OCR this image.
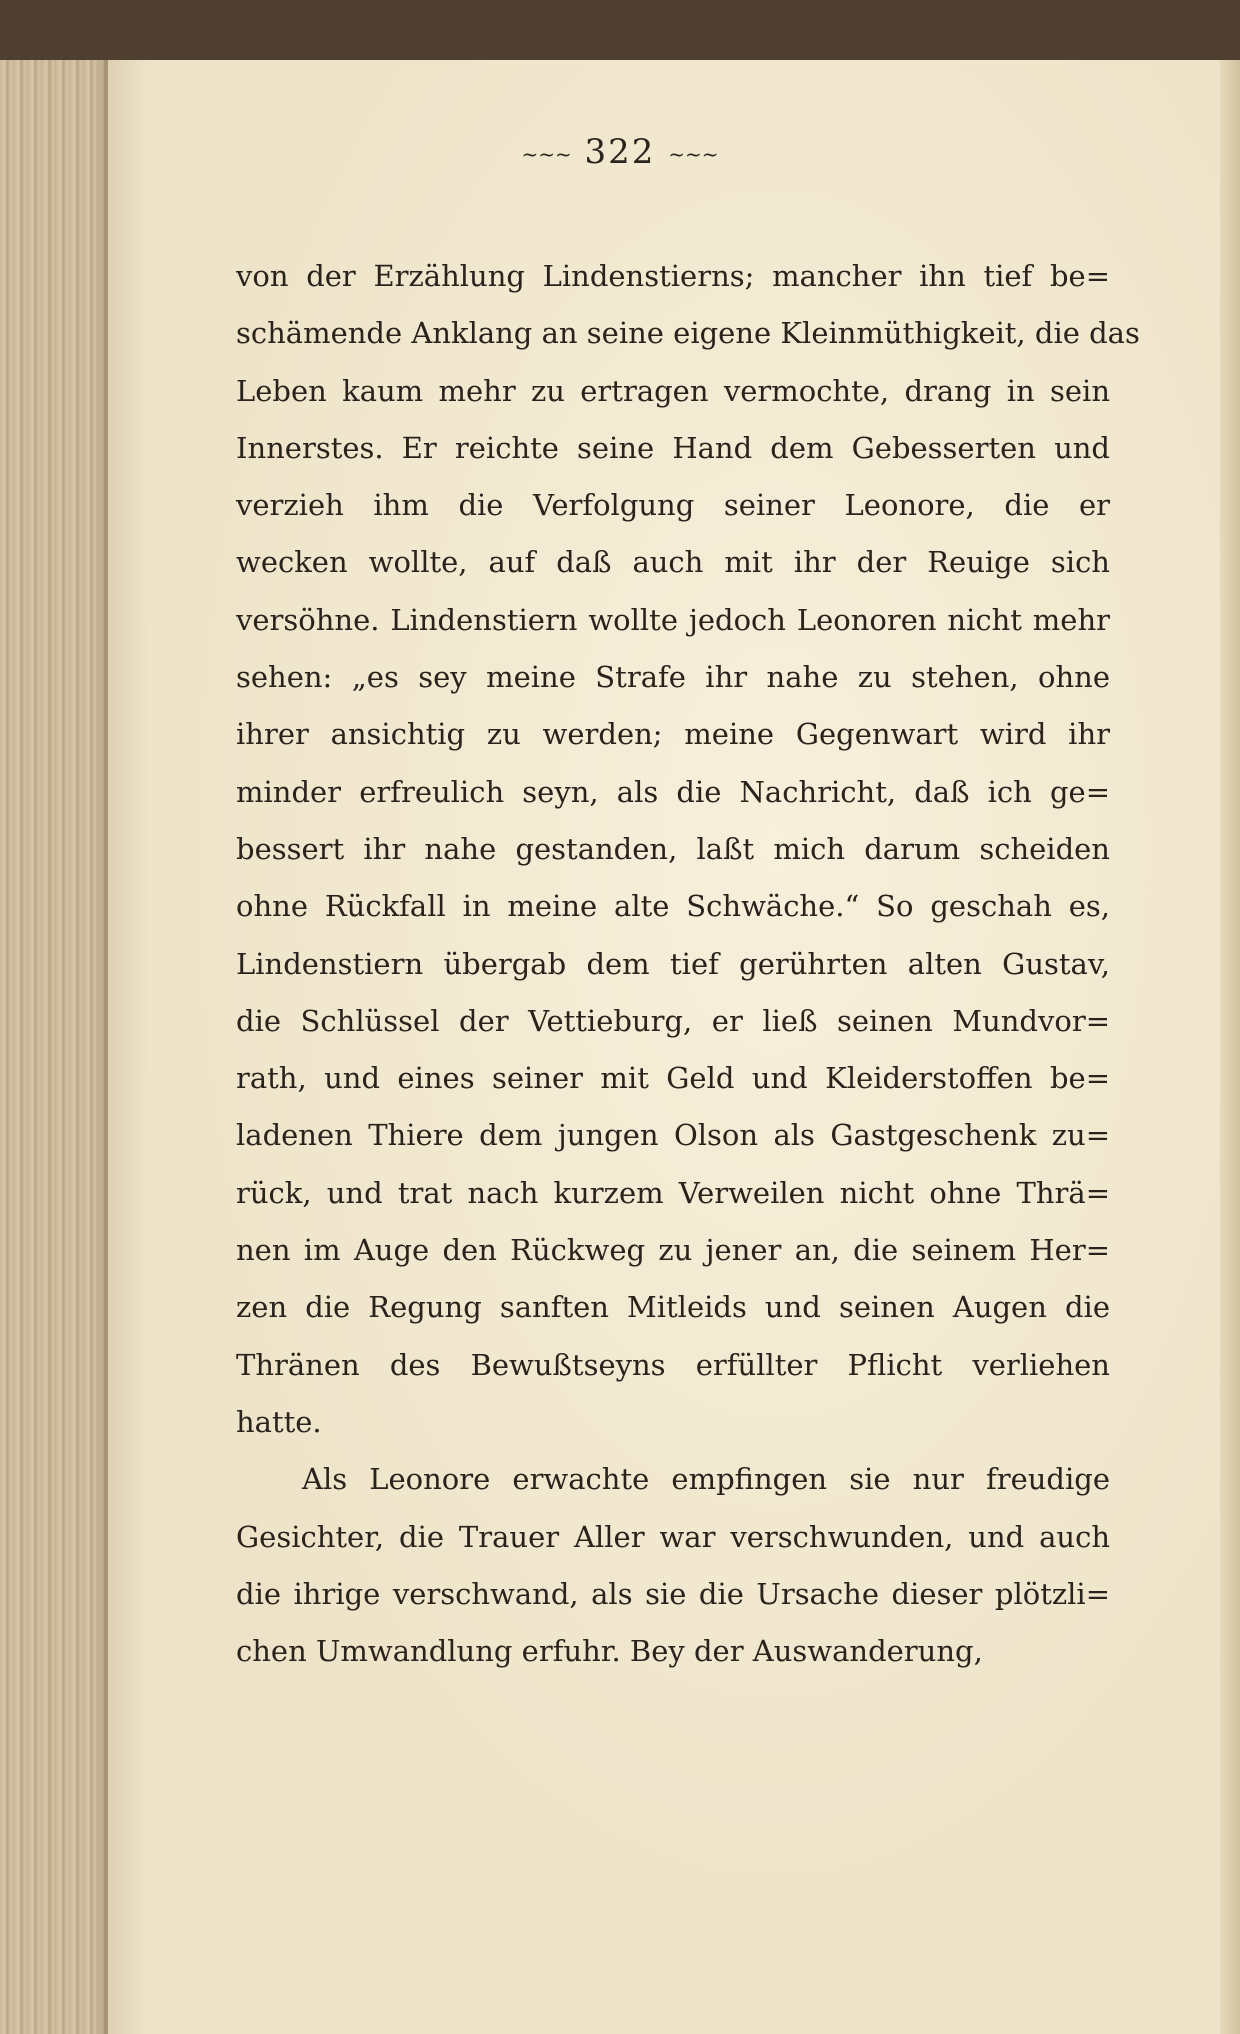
~~~ 322 ~~~
von der Erzählung Lindenstierns; mancher ihn tief be=
schämende Anklang an seine eigene Kleinmüthigkeit, die das
Leben kaum mehr zu ertragen vermochte, drang in sein
Innerstes. Er reichte seine Hand dem Gebesserten und
verzieh ihm die Verfolgung seiner Leonore, die er
wecken wollte, auf daß auch mit ihr der Reuige sich
versöhne. Lindenstiern wollte jedoch Leonoren nicht mehr
sehen: „es sey meine Strafe ihr nahe zu stehen, ohne
ihrer ansichtig zu werden; meine Gegenwart wird ihr
minder erfreulich seyn, als die Nachricht, daß ich ge=
bessert ihr nahe gestanden, laßt mich darum scheiden
ohne Rückfall in meine alte Schwäche.“ So geschah es,
Lindenstiern übergab dem tief gerührten alten Gustav,
die Schlüssel der Vettieburg, er ließ seinen Mundvor=
rath, und eines seiner mit Geld und Kleiderstoffen be=
ladenen Thiere dem jungen Olson als Gastgeschenk zu=
rück, und trat nach kurzem Verweilen nicht ohne Thrä=
nen im Auge den Rückweg zu jener an, die seinem Her=
zen die Regung sanften Mitleids und seinen Augen die
Thränen des Bewußtseyns erfüllter Pflicht verliehen
hatte.
Als Leonore erwachte empfingen sie nur freudige
Gesichter, die Trauer Aller war verschwunden, und auch
die ihrige verschwand, als sie die Ursache dieser plötzli=
chen Umwandlung erfuhr. Bey der Auswanderung,
